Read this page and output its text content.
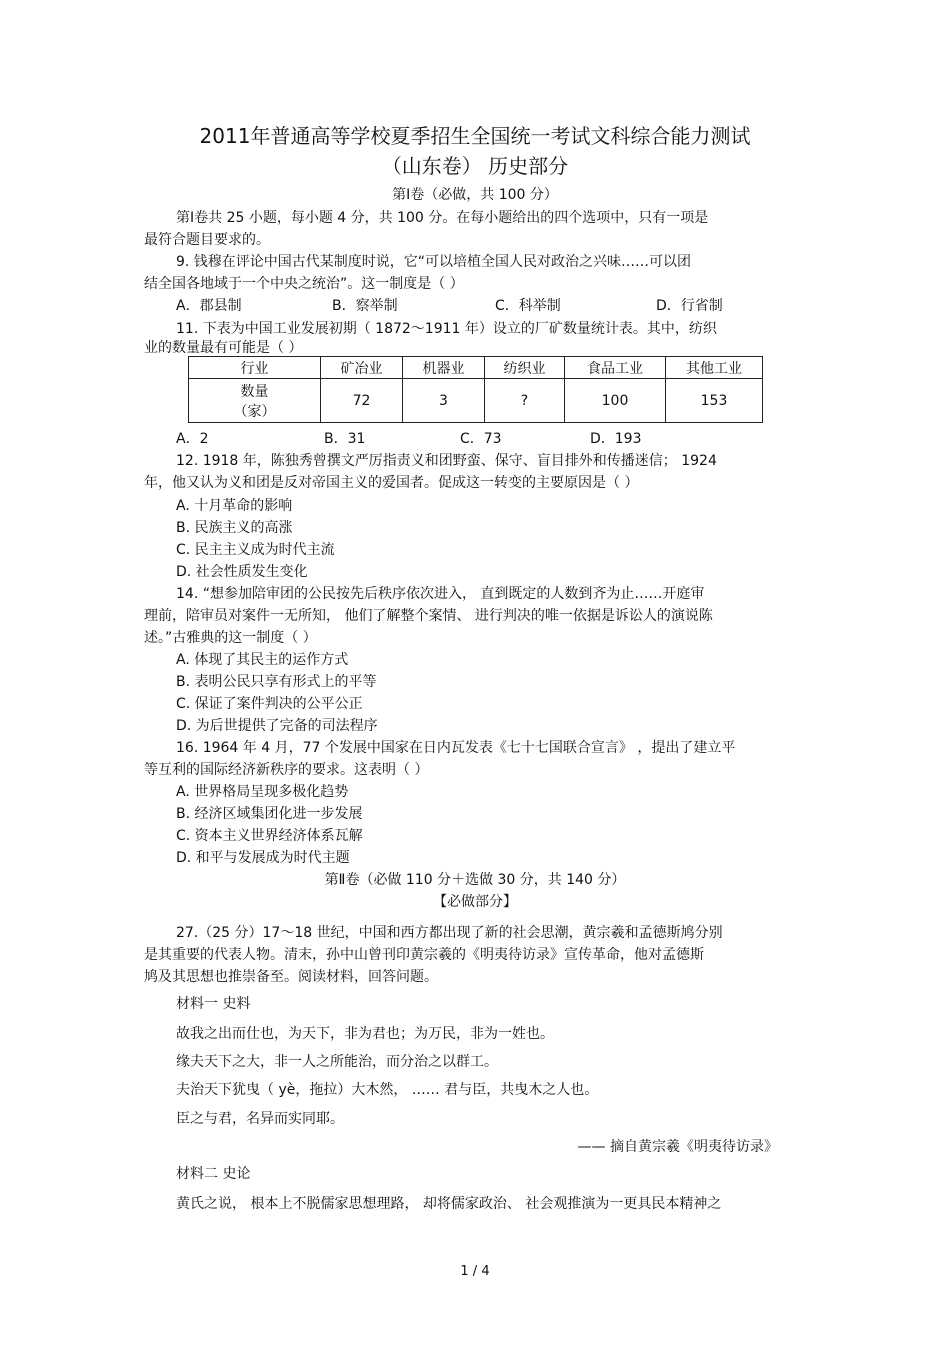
2011年普通高等学校夏季招生全国统一考试文科综合能力测试
（山东卷） 历史部分
第Ⅰ卷（必做，共 100 分）
第Ⅰ卷共 25 小题，每小题 4 分，共 100 分。在每小题给出的四个选项中，只有一项是
最符合题目要求的。
9. 钱穆在评论中国古代某制度时说，它“可以培植全国人民对政治之兴味……可以团
结全国各地域于一个中央之统治”。这一制度是（ ）
A．郡县制	B．察举制	C．科举制	D．行省制
11. 下表为中国工业发展初期（ 1872～1911 年）设立的厂矿数量统计表。其中，纺织
业的数量最有可能是（ ）
行业	矿冶业	机器业	纺织业	食品工业	其他工业

数量
（家）	72	3	?	100	153
A．2	B．31	C．73	D．193
12. 1918 年，陈独秀曾撰文严厉指责义和团野蛮、保守、盲目排外和传播迷信； 1924
年，他又认为义和团是反对帝国主义的爱国者。促成这一转变的主要原因是（ ）
A. 十月革命的影响
B. 民族主义的高涨
C. 民主主义成为时代主流
D. 社会性质发生变化
14. “想参加陪审团的公民按先后秩序依次进入， 直到既定的人数到齐为止……开庭审
理前，陪审员对案件一无所知， 他们了解整个案情、 进行判决的唯一依据是诉讼人的演说陈
述。”古雅典的这一制度（ ）
A. 体现了其民主的运作方式
B. 表明公民只享有形式上的平等
C. 保证了案件判决的公平公正
D. 为后世提供了完备的司法程序
16. 1964 年 4 月，77 个发展中国家在日内瓦发表《七十七国联合宣言》 ，提出了建立平
等互利的国际经济新秩序的要求。这表明（ ）
A. 世界格局呈现多极化趋势
B. 经济区域集团化进一步发展
C. 资本主义世界经济体系瓦解
D. 和平与发展成为时代主题
第Ⅱ卷（必做 110 分＋选做 30 分，共 140 分）
【必做部分】
27.（25 分）17～18 世纪，中国和西方都出现了新的社会思潮，黄宗羲和孟德斯鸠分别
是其重要的代表人物。清末，孙中山曾刊印黄宗羲的《明夷待访录》宣传革命，他对孟德斯
鸠及其思想也推崇备至。阅读材料，回答问题。
材料一 史料
故我之出而仕也，为天下，非为君也；为万民，非为一姓也。
缘夫天下之大，非一人之所能治，而分治之以群工。
夫治天下犹曳（ yè，拖拉）大木然， …… 君与臣，共曳木之人也。
臣之与君，名异而实同耶。
—— 摘自黄宗羲《明夷待访录》
材料二 史论
黄氏之说， 根本上不脱儒家思想理路， 却将儒家政治、 社会观推演为一更具民本精神之
1 / 4
